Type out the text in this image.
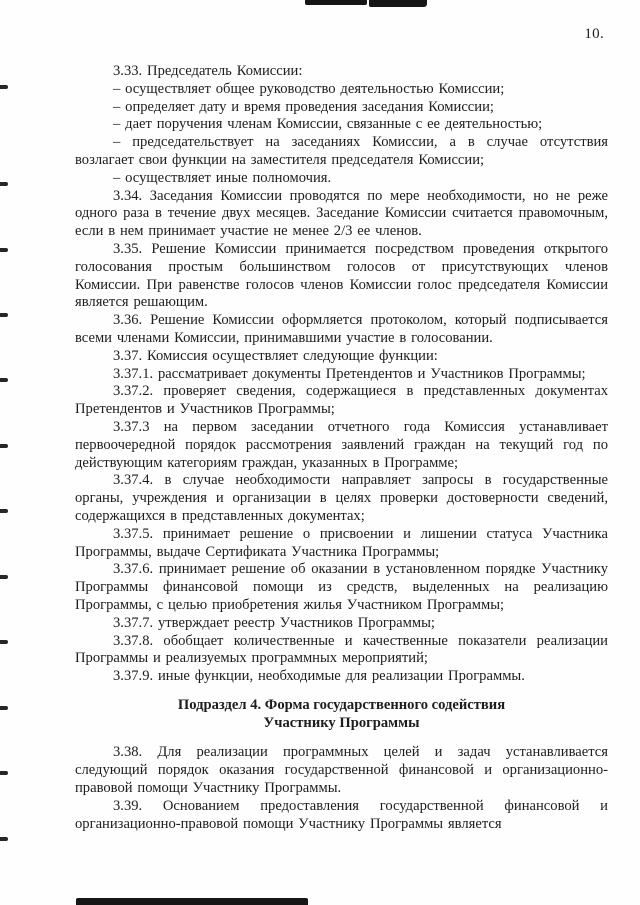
10.

3.33. Председатель Комиссии:

– осуществляет общее руководство деятельностью Комиссии;

– определяет дату и время проведения заседания Комиссии;

– дает поручения членам Комиссии, связанные с ее деятельностью;

– председательствует на заседаниях Комиссии, а в случае отсутствия возлагает свои функции на заместителя председателя Комиссии;

– осуществляет иные полномочия.

3.34. Заседания Комиссии проводятся по мере необходимости, но не реже одного раза в течение двух месяцев. Заседание Комиссии считается правомочным, если в нем принимает участие не менее 2/3 ее членов.

3.35. Решение Комиссии принимается посредством проведения открытого голосования простым большинством голосов от присутствующих членов Комиссии. При равенстве голосов членов Комиссии голос председателя Комиссии является решающим.

3.36. Решение Комиссии оформляется протоколом, который подписывается всеми членами Комиссии, принимавшими участие в голосовании.

3.37. Комиссия осуществляет следующие функции:

3.37.1. рассматривает документы Претендентов и Участников Программы;

3.37.2. проверяет сведения, содержащиеся в представленных документах Претендентов и Участников Программы;

3.37.3 на первом заседании отчетного года Комиссия устанавливает первоочередной порядок рассмотрения заявлений граждан на текущий год по действующим категориям граждан, указанных в Программе;

3.37.4. в случае необходимости направляет запросы в государственные органы, учреждения и организации в целях проверки достоверности сведений, содержащихся в представленных документах;

3.37.5. принимает решение о присвоении и лишении статуса Участника Программы, выдаче Сертификата Участника Программы;

3.37.6. принимает решение об оказании в установленном порядке Участнику Программы финансовой помощи из средств, выделенных на реализацию Программы, с целью приобретения жилья Участником Программы;

3.37.7. утверждает реестр Участников Программы;

3.37.8. обобщает количественные и качественные показатели реализации Программы и реализуемых программных мероприятий;

3.37.9. иные функции, необходимые для реализации Программы.

Подраздел 4. Форма государственного содействия
Участнику Программы

3.38. Для реализации программных целей и задач устанавливается следующий порядок оказания государственной финансовой и организационно-правовой помощи Участнику Программы.

3.39. Основанием предоставления государственной финансовой и организационно-правовой помощи Участнику Программы является
